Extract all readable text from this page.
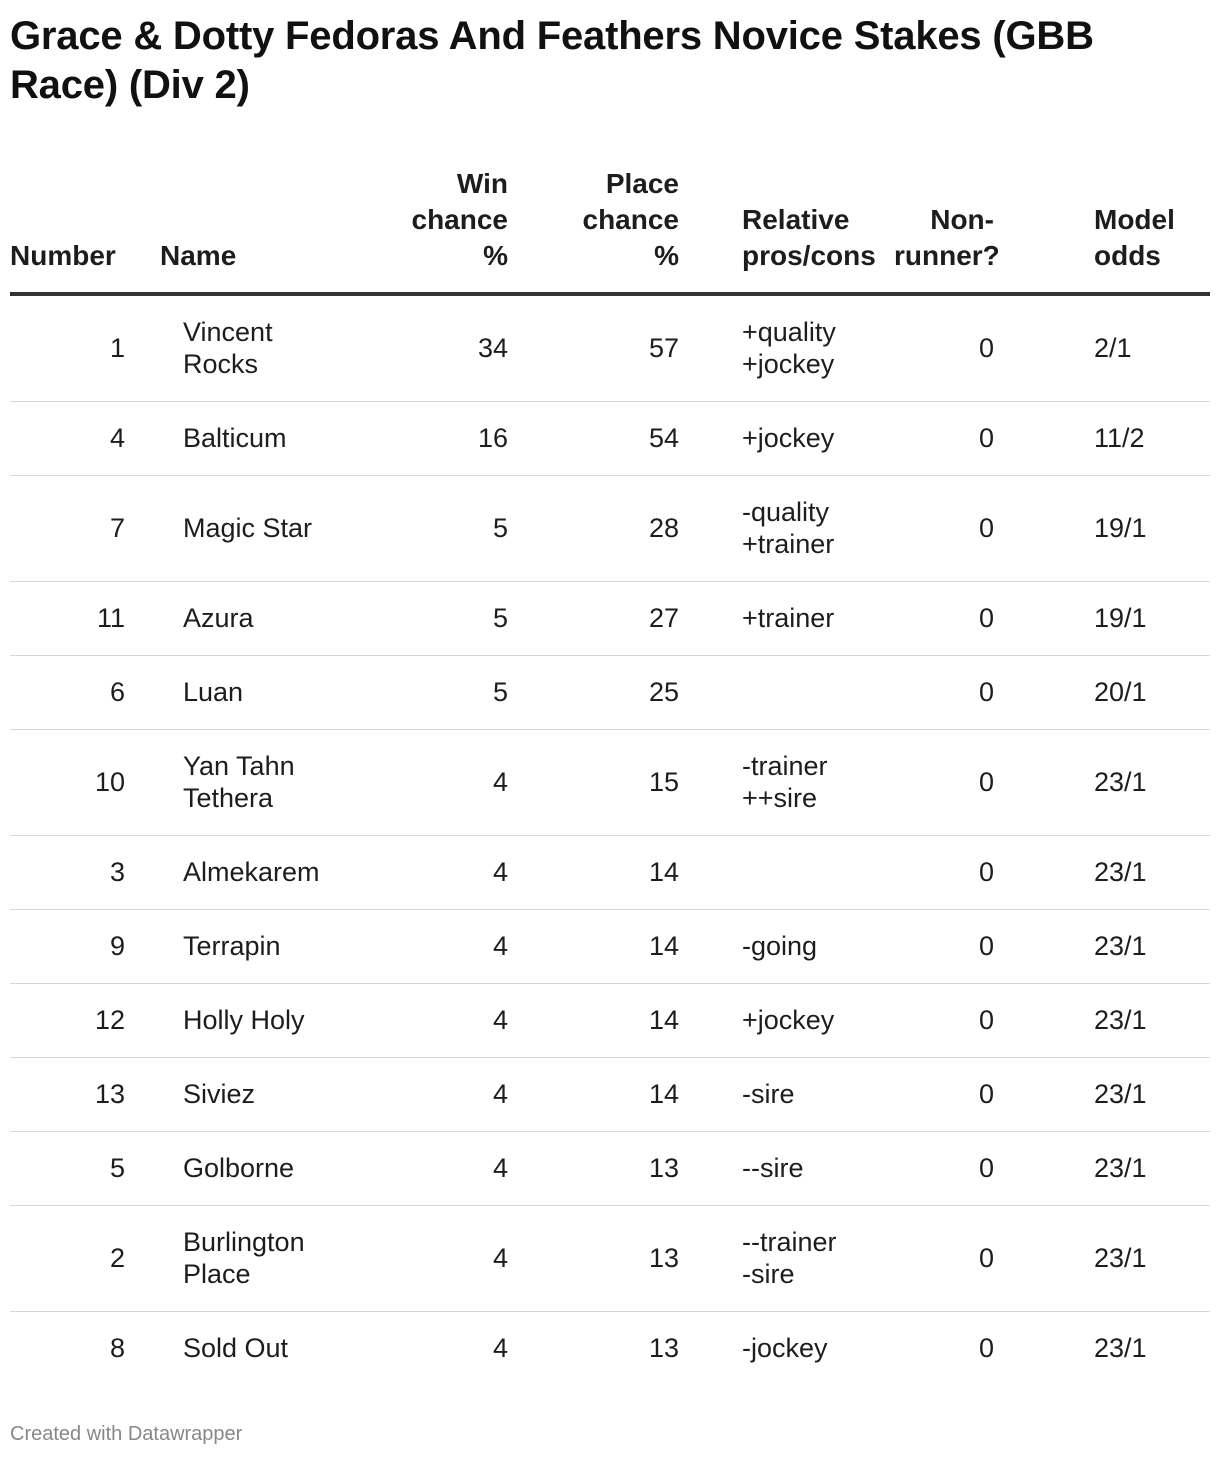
Grace & Dotty Fedoras And Feathers Novice Stakes (GBB Race) (Div 2)
Number	Name	Win
chance
%	Place
chance
%	Relative
pros/cons	Non-
runner?	Model
odds
1	Vincent
Rocks	34	57	+quality
+jockey	0	2/1
4	Balticum	16	54	+jockey	0	11/2
7	Magic Star	5	28	-quality
+trainer	0	19/1
11	Azura	5	27	+trainer	0	19/1
6	Luan	5	25		0	20/1
10	Yan Tahn
Tethera	4	15	-trainer
++sire	0	23/1
3	Almekarem	4	14		0	23/1
9	Terrapin	4	14	-going	0	23/1
12	Holly Holy	4	14	+jockey	0	23/1
13	Siviez	4	14	-sire	0	23/1
5	Golborne	4	13	--sire	0	23/1
2	Burlington
Place	4	13	--trainer
-sire	0	23/1
8	Sold Out	4	13	-jockey	0	23/1
Created with Datawrapper
